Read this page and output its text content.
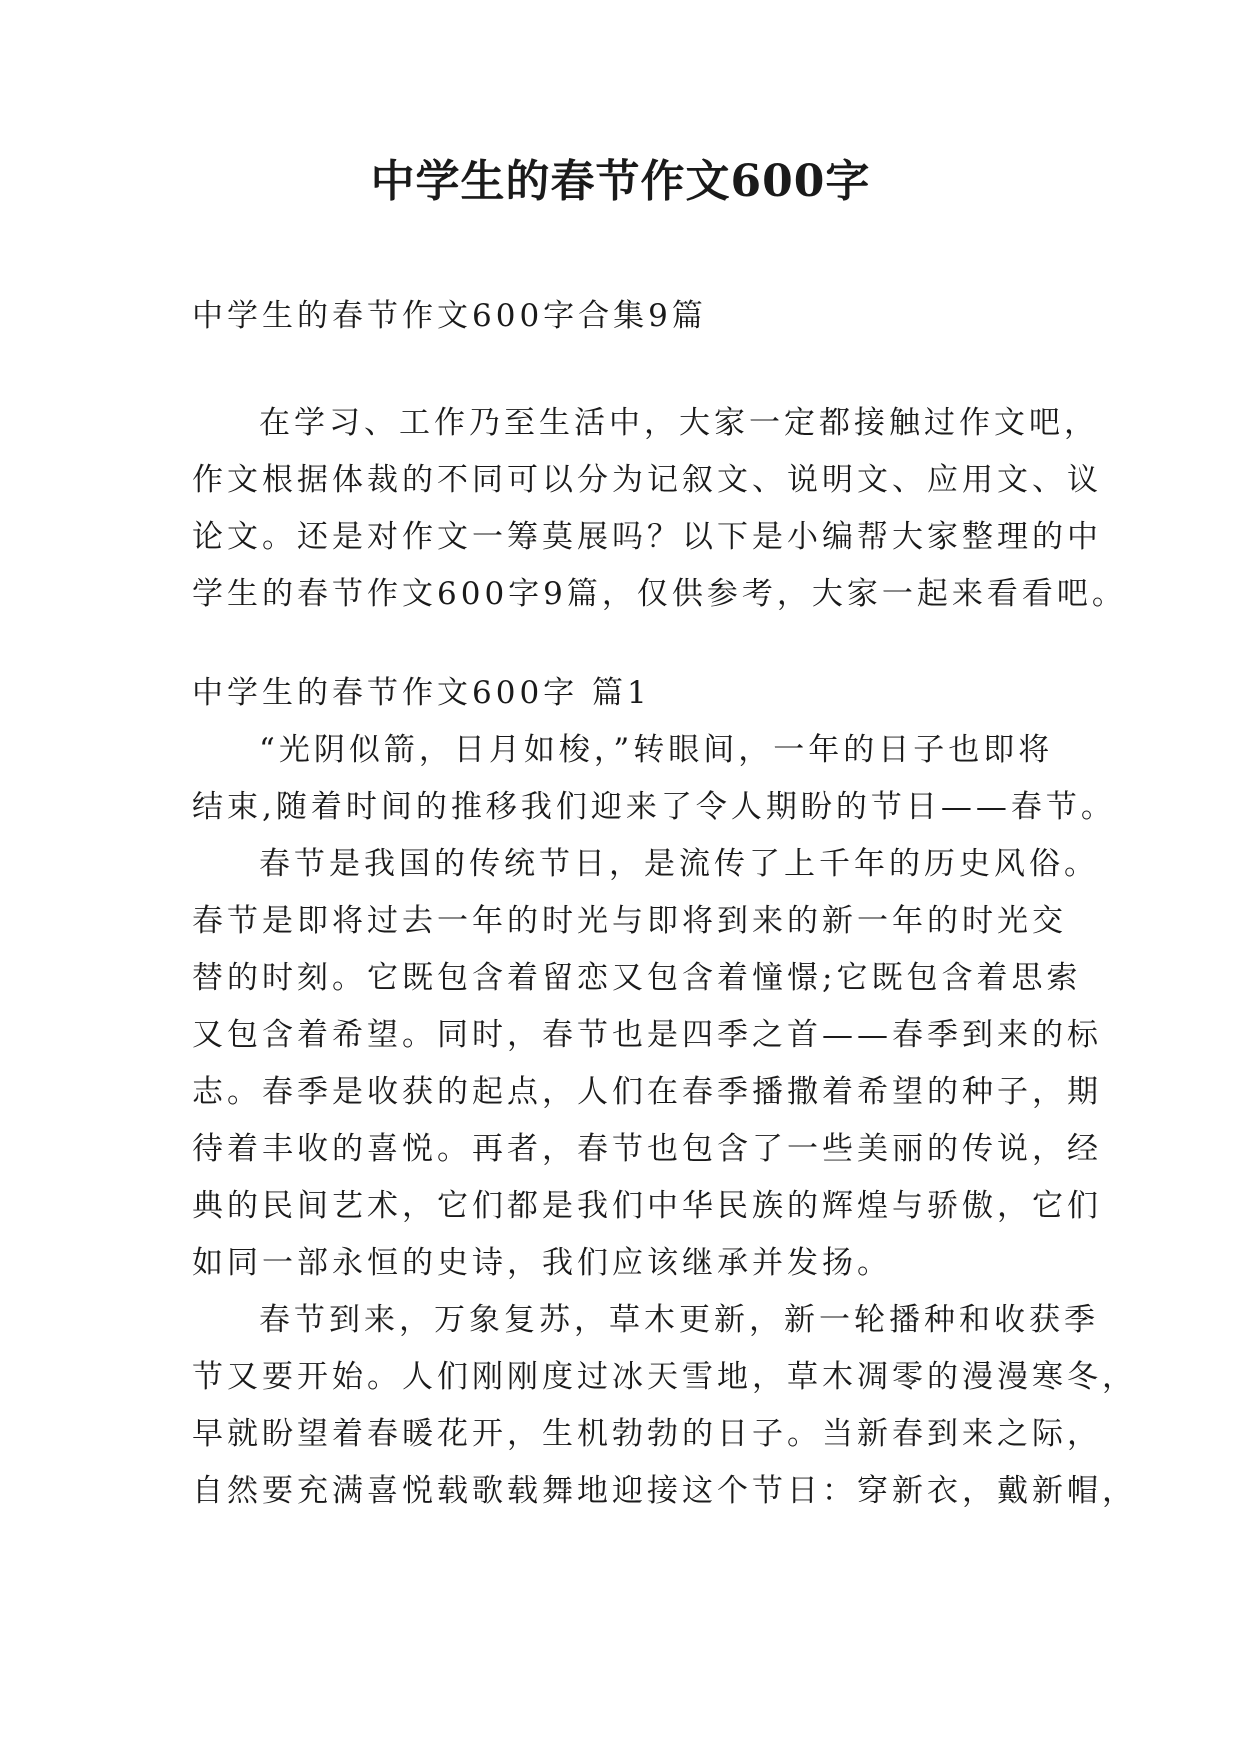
中学生的春节作文600字
中学生的春节作文600字合集9篇
在学习、工作乃至生活中，大家一定都接触过作文吧，
作文根据体裁的不同可以分为记叙文、说明文、应用文、议
论文。还是对作文一筹莫展吗？以下是小编帮大家整理的中
学生的春节作文600字9篇，仅供参考，大家一起来看看吧。
中学生的春节作文600字 篇1
“光阴似箭，日月如梭，”转眼间，一年的日子也即将
结束,随着时间的推移我们迎来了令人期盼的节日——春节。
春节是我国的传统节日，是流传了上千年的历史风俗。
春节是即将过去一年的时光与即将到来的新一年的时光交
替的时刻。它既包含着留恋又包含着憧憬;它既包含着思索
又包含着希望。同时，春节也是四季之首——春季到来的标
志。春季是收获的起点，人们在春季播撒着希望的种子，期
待着丰收的喜悦。再者，春节也包含了一些美丽的传说，经
典的民间艺术，它们都是我们中华民族的辉煌与骄傲，它们
如同一部永恒的史诗，我们应该继承并发扬。
春节到来，万象复苏，草木更新，新一轮播种和收获季
节又要开始。人们刚刚度过冰天雪地，草木凋零的漫漫寒冬，
早就盼望着春暖花开，生机勃勃的日子。当新春到来之际，
自然要充满喜悦载歌载舞地迎接这个节日：穿新衣，戴新帽，
